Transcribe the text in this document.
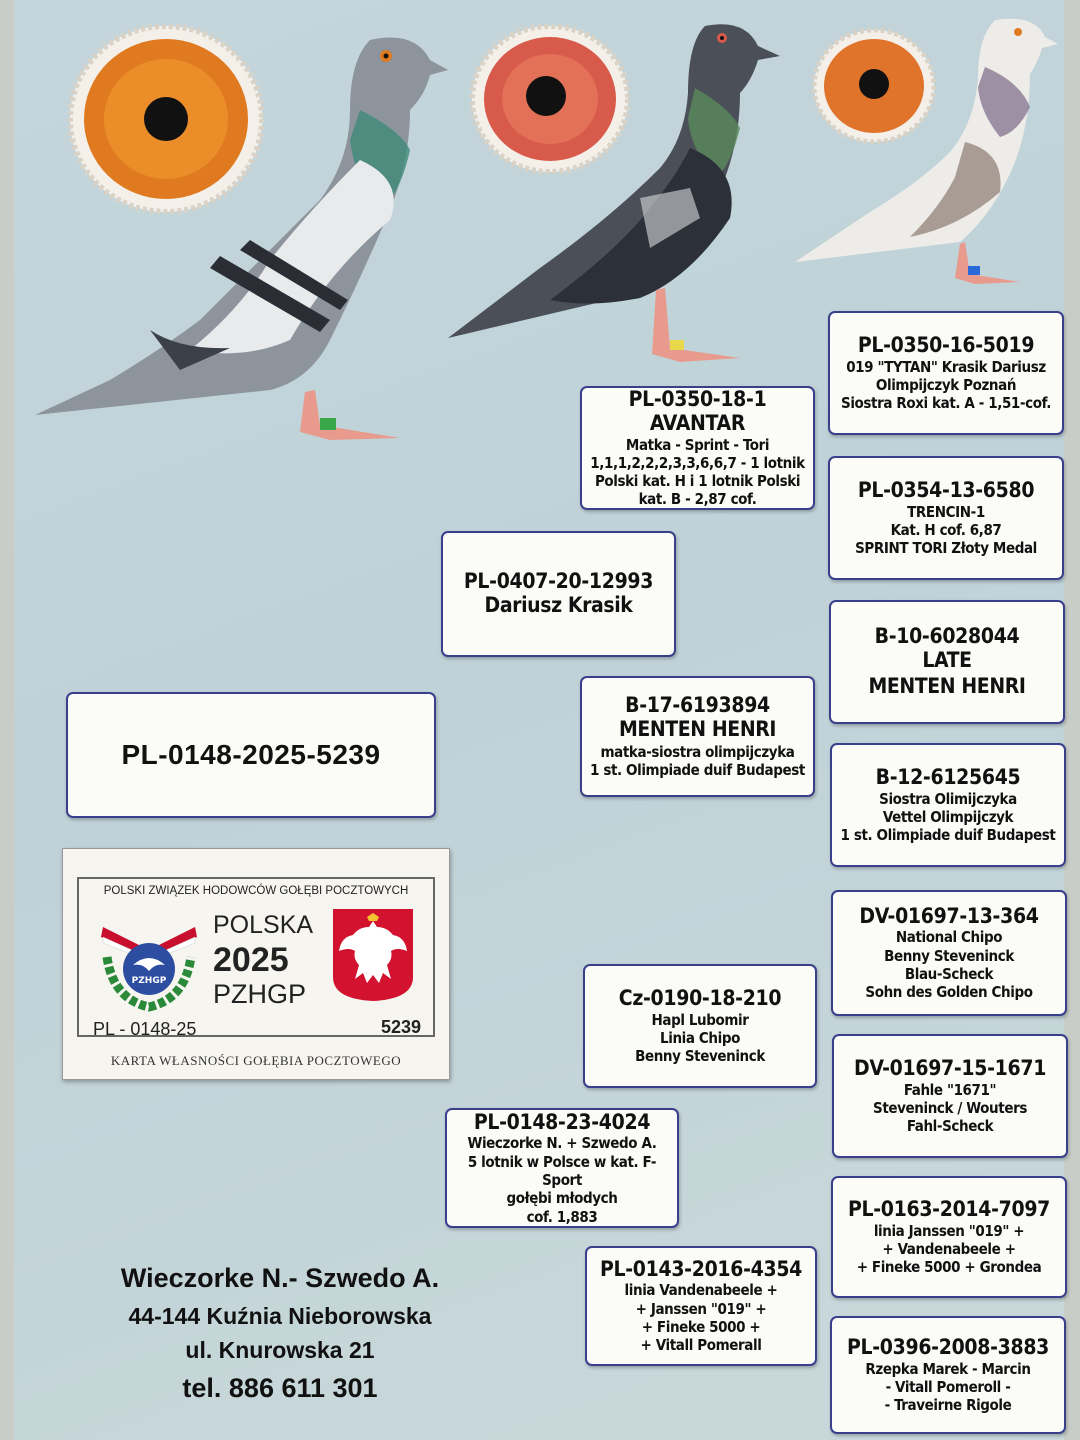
PL-0148-2025-5239
PL-0407-20-12993
Dariusz Krasik
PL-0148-23-4024
Wieczorke N. + Szwedo A.
5 lotnik w Polsce w kat. F-Sport
gołębi młodych
cof. 1,883
PL-0350-18-1 AVANTAR
Matka - Sprint - Tori
1,1,1,2,2,2,3,3,6,6,7 - 1 lotnik
Polski kat. H i 1 lotnik Polski
kat. B - 2,87 cof.
B-17-6193894
MENTEN HENRI
matka-siostra olimpijczyka
1 st. Olimpiade duif Budapest
Cz-0190-18-210
Hapl Lubomir
Linia Chipo
Benny Steveninck
PL-0143-2016-4354
linia Vandenabeele +
+ Janssen "019" +
+ Fineke 5000 +
+ Vitall Pomerall
PL-0350-16-5019
019 "TYTAN" Krasik Dariusz
Olimpijczyk Poznań
Siostra Roxi kat. A - 1,51-cof.
PL-0354-13-6580
TRENCIN-1
Kat. H cof. 6,87
SPRINT TORI Złoty Medal
B-10-6028044
LATE
MENTEN HENRI
B-12-6125645
Siostra Olimijczyka
Vettel Olimpijczyk
1 st. Olimpiade duif Budapest
DV-01697-13-364
National Chipo
Benny Steveninck
Blau-Scheck
Sohn des Golden Chipo
DV-01697-15-1671
Fahle "1671"
Steveninck / Wouters
Fahl-Scheck
PL-0163-2014-7097
linia Janssen "019" +
+ Vandenabeele +
+ Fineke 5000 + Grondea
PL-0396-2008-3883
Rzepka Marek - Marcin
- Vitall Pomeroll -
- Traveirne Rigole
POLSKI ZWIĄZEK HODOWCÓW GOŁĘBI POCZTOWYCH
PZHGP
POLSKA
2025
PZHGP
PL - 0148-25	5239
KARTA WŁASNOŚCI GOŁĘBIA POCZTOWEGO
Wieczorke N.- Szwedo A.
44-144 Kuźnia Nieborowska
ul. Knurowska 21
tel. 886 611 301
